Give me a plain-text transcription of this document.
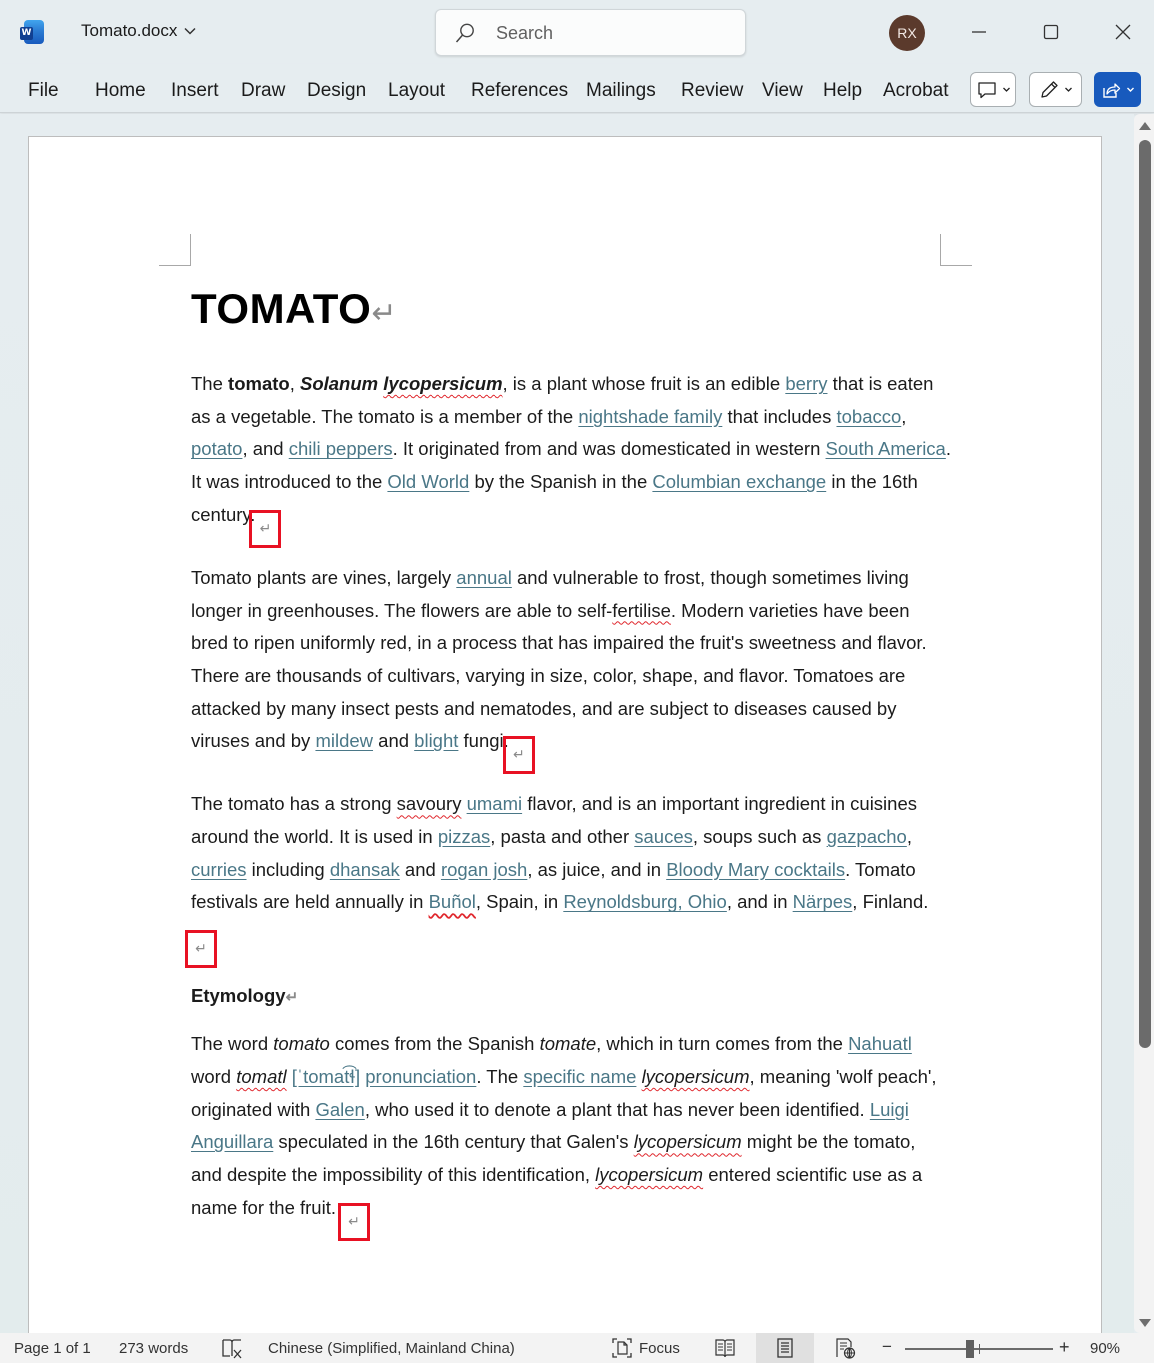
W	Tomato.docx
Search	RX
File Home Insert Draw Design Layout References Mailings Review View Help Acrobat
TOMATO↵

The tomato, Solanum lycopersicum, is a plant whose fruit is an edible berry that is eaten as a vegetable. The tomato is a member of the nightshade family that includes tobacco, potato, and chili peppers. It originated from and was domesticated in western South America. It was introduced to the Old World by the Spanish in the Columbian exchange in the 16th century.↵

Tomato plants are vines, largely annual and vulnerable to frost, though sometimes living longer in greenhouses. The flowers are able to self-fertilise. Modern varieties have been bred to ripen uniformly red, in a process that has impaired the fruit's sweetness and flavor. There are thousands of cultivars, varying in size, color, shape, and flavor. Tomatoes are attacked by many insect pests and nematodes, and are subject to diseases caused by viruses and by mildew and blight fungi.↵

The tomato has a strong savoury umami flavor, and is an important ingredient in cuisines around the world. It is used in pizzas, pasta and other sauces, soups such as gazpacho, curries including dhansak and rogan josh, as juice, and in Bloody Mary cocktails. Tomato festivals are held annually in Buñol, Spain, in Reynoldsburg, Ohio, and in Närpes, Finland.↵

Etymology↵

The word tomato comes from the Spanish tomate, which in turn comes from the Nahuatl word tomatl [ˈtomat͡ɬ] pronunciation. The specific name lycopersicum, meaning 'wolf peach', originated with Galen, who used it to denote a plant that has never been identified. Luigi Anguillara speculated in the 16th century that Galen's lycopersicum might be the tomato, and despite the impossibility of this identification, lycopersicum entered scientific use as a name for the fruit.↵

Page 1 of 1 273 words	Chinese (Simplified, Mainland China)	Focus	−	+ 90%
